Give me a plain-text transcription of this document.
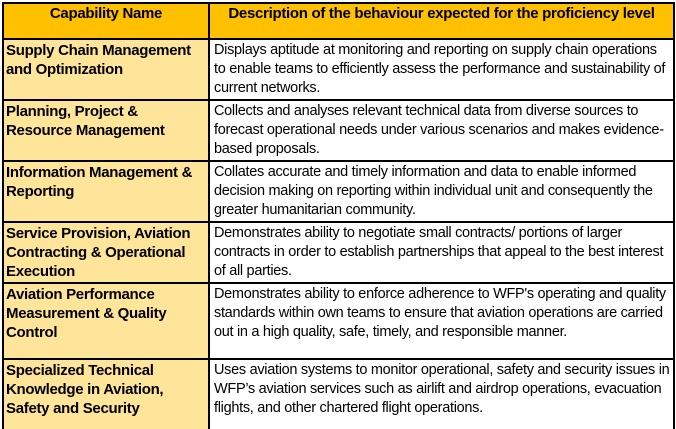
Capability Name	Description of the behaviour expected for the proficiency level
Supply Chain Management and Optimization	Displays aptitude at monitoring and reporting on supply chain operations to enable teams to efficiently assess the performance and sustainability of current networks.
Planning, Project & Resource Management	Collects and analyses relevant technical data from diverse sources to forecast operational needs under various scenarios and makes evidence-based proposals.
Information Management & Reporting	Collates accurate and timely information and data to enable informed decision making on reporting within individual unit and consequently the greater humanitarian community.
Service Provision, Aviation Contracting & Operational Execution	Demonstrates ability to negotiate small contracts/ portions of larger contracts in order to establish partnerships that appeal to the best interest of all parties.
Aviation Performance Measurement & Quality Control	Demonstrates ability to enforce adherence to WFP's operating and quality standards within own teams to ensure that aviation operations are carried out in a high quality, safe, timely, and responsible manner.
Specialized Technical Knowledge in Aviation, Safety and Security	Uses aviation systems to monitor operational, safety and security issues in WFP’s aviation services such as airlift and airdrop operations, evacuation flights, and other chartered flight operations.
